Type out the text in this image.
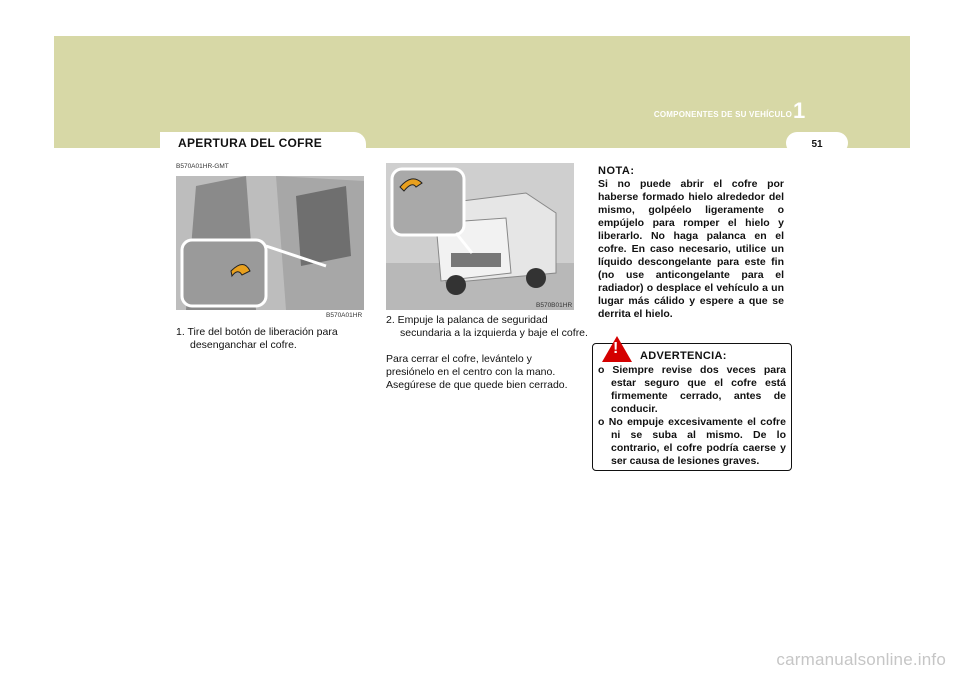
COMPONENTES DE SU VEHÍCULO 1
51
APERTURA DEL COFRE
B570A01HR-GMT
B570A01HR
B570B01HR
1. Tire del botón de liberación para desenganchar el cofre.
2. Empuje la palanca de seguridad secundaria a la izquierda y baje el cofre.
Para cerrar el cofre, levántelo y presiónelo en el centro con la mano. Asegúrese de que quede bien cerrado.
NOTA:
Si no puede abrir el cofre por haberse formado hielo alrededor del mismo, golpéelo ligeramente o empújelo para romper el hielo y liberarlo. No haga palanca en el cofre. En caso necesario, utilice un líquido descongelante para este fin (no use anticongelante para el radiador) o desplace el vehículo a un lugar más cálido y espere a que se derrita el hielo.
! ADVERTENCIA:
o Siempre revise dos veces para estar seguro que el cofre está firmemente cerrado, antes de conducir.
o No empuje excesivamente el cofre ni se suba al mismo. De lo contrario, el cofre podría caerse y ser causa de lesiones graves.
carmanualsonline.info
